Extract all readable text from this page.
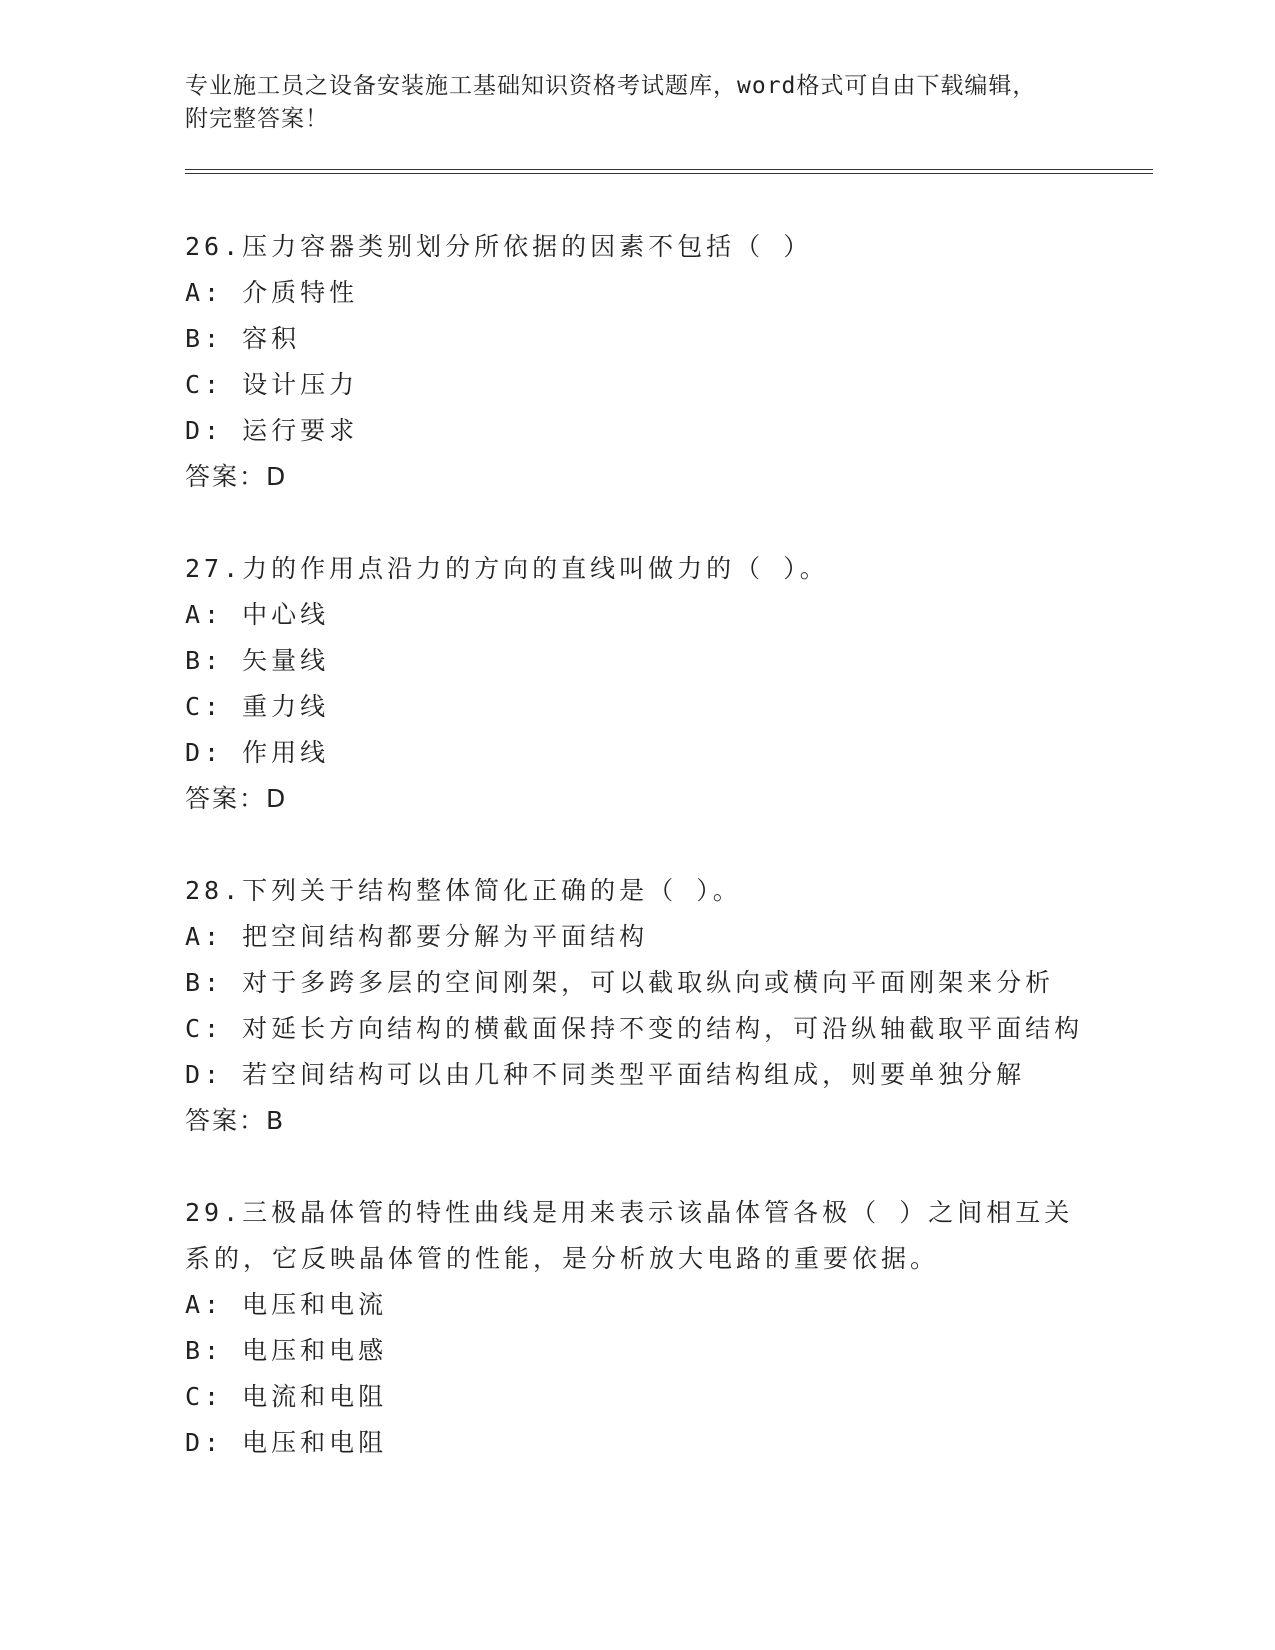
专业施工员之设备安装施工基础知识资格考试题库，word格式可自由下载编辑，
附完整答案！
26.压力容器类别划分所依据的因素不包括（ ）
A: 介质特性
B: 容积
C: 设计压力
D: 运行要求
答案：D
27.力的作用点沿力的方向的直线叫做力的（ ）。
A: 中心线
B: 矢量线
C: 重力线
D: 作用线
答案：D
28.下列关于结构整体简化正确的是（ ）。
A: 把空间结构都要分解为平面结构
B: 对于多跨多层的空间刚架，可以截取纵向或横向平面刚架来分析
C: 对延长方向结构的横截面保持不变的结构，可沿纵轴截取平面结构
D: 若空间结构可以由几种不同类型平面结构组成，则要单独分解
答案：B
29.三极晶体管的特性曲线是用来表示该晶体管各极（ ）之间相互关
系的，它反映晶体管的性能，是分析放大电路的重要依据。
A: 电压和电流
B: 电压和电感
C: 电流和电阻
D: 电压和电阻
